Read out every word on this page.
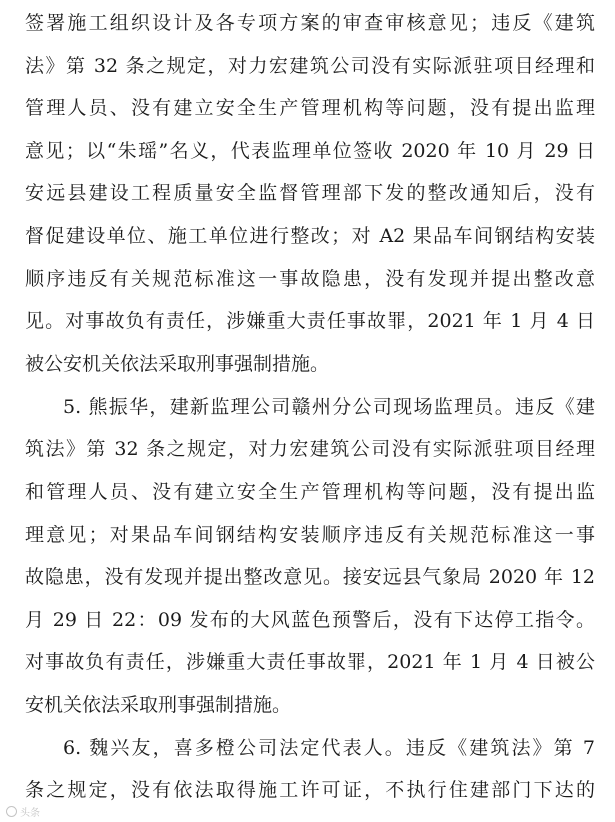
签署施工组织设计及各专项方案的审查审核意见；违反《建筑
法》第 32 条之规定，对力宏建筑公司没有实际派驻项目经理和
管理人员、没有建立安全生产管理机构等问题，没有提出监理
意见；以“朱瑶”名义，代表监理单位签收 2020 年 10 月 29 日
安远县建设工程质量安全监督管理部下发的整改通知后，没有
督促建设单位、施工单位进行整改；对 A2 果品车间钢结构安装
顺序违反有关规范标准这一事故隐患，没有发现并提出整改意
见。对事故负有责任，涉嫌重大责任事故罪，2021 年 1 月 4 日
被公安机关依法采取刑事强制措施。
5. 熊振华，建新监理公司赣州分公司现场监理员。违反《建
筑法》第 32 条之规定，对力宏建筑公司没有实际派驻项目经理
和管理人员、没有建立安全生产管理机构等问题，没有提出监
理意见；对果品车间钢结构安装顺序违反有关规范标准这一事
故隐患，没有发现并提出整改意见。接安远县气象局 2020 年 12
月 29 日 22：09 发布的大风蓝色预警后，没有下达停工指令。
对事故负有责任，涉嫌重大责任事故罪，2021 年 1 月 4 日被公
安机关依法采取刑事强制措施。
6. 魏兴友，喜多橙公司法定代表人。违反《建筑法》第 7
条之规定，没有依法取得施工许可证，不执行住建部门下达的
头条
